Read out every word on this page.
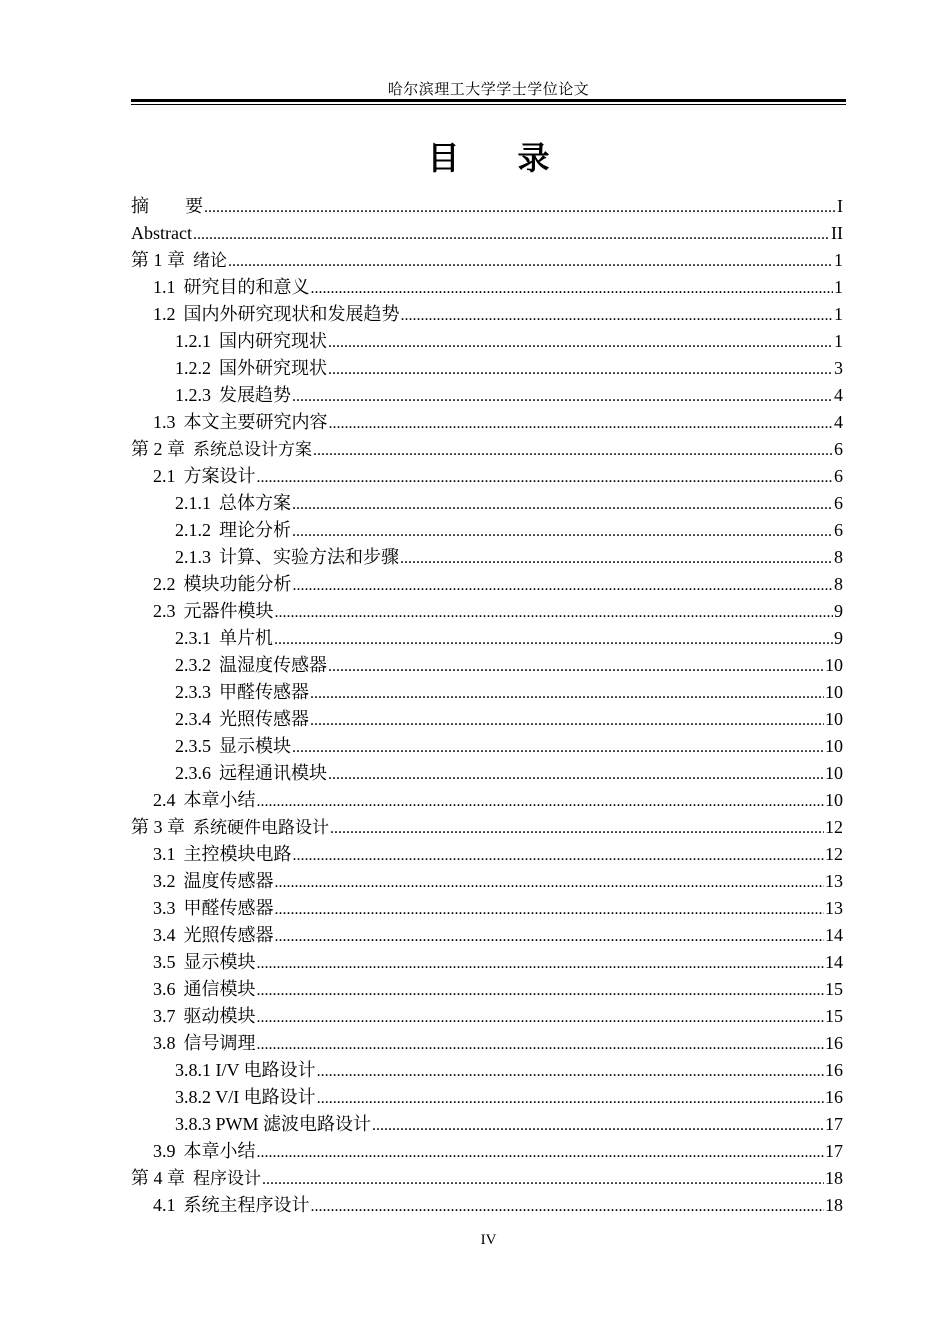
哈尔滨理工大学学士学位论文
目 录
摘　　要 .....	I
Abstract .....	II
第 1 章 绪论 .....	1
1.1 研究目的和意义 .....	1
1.2 国内外研究现状和发展趋势 .....	1
1.2.1 国内研究现状 .....	1
1.2.2 国外研究现状 .....	3
1.2.3 发展趋势 .....	4
1.3 本文主要研究内容 .....	4
第 2 章 系统总设计方案 .....	6
2.1 方案设计 .....	6
2.1.1 总体方案 .....	6
2.1.2 理论分析 .....	6
2.1.3 计算、实验方法和步骤 .....	8
2.2 模块功能分析 .....	8
2.3 元器件模块 .....	9
2.3.1 单片机 .....	9
2.3.2 温湿度传感器 .....	10
2.3.3 甲醛传感器 .....	10
2.3.4 光照传感器 .....	10
2.3.5 显示模块 .....	10
2.3.6 远程通讯模块 .....	10
2.4 本章小结 .....	10
第 3 章 系统硬件电路设计 .....	12
3.1 主控模块电路 .....	12
3.2 温度传感器 .....	13
3.3 甲醛传感器 .....	13
3.4 光照传感器 .....	14
3.5 显示模块 .....	14
3.6 通信模块 .....	15
3.7 驱动模块 .....	15
3.8 信号调理 .....	16
3.8.1 I/V 电路设计 .....	16
3.8.2 V/I 电路设计 .....	16
3.8.3 PWM 滤波电路设计 .....	17
3.9 本章小结 .....	17
第 4 章 程序设计 .....	18
4.1 系统主程序设计 .....	18
IV
